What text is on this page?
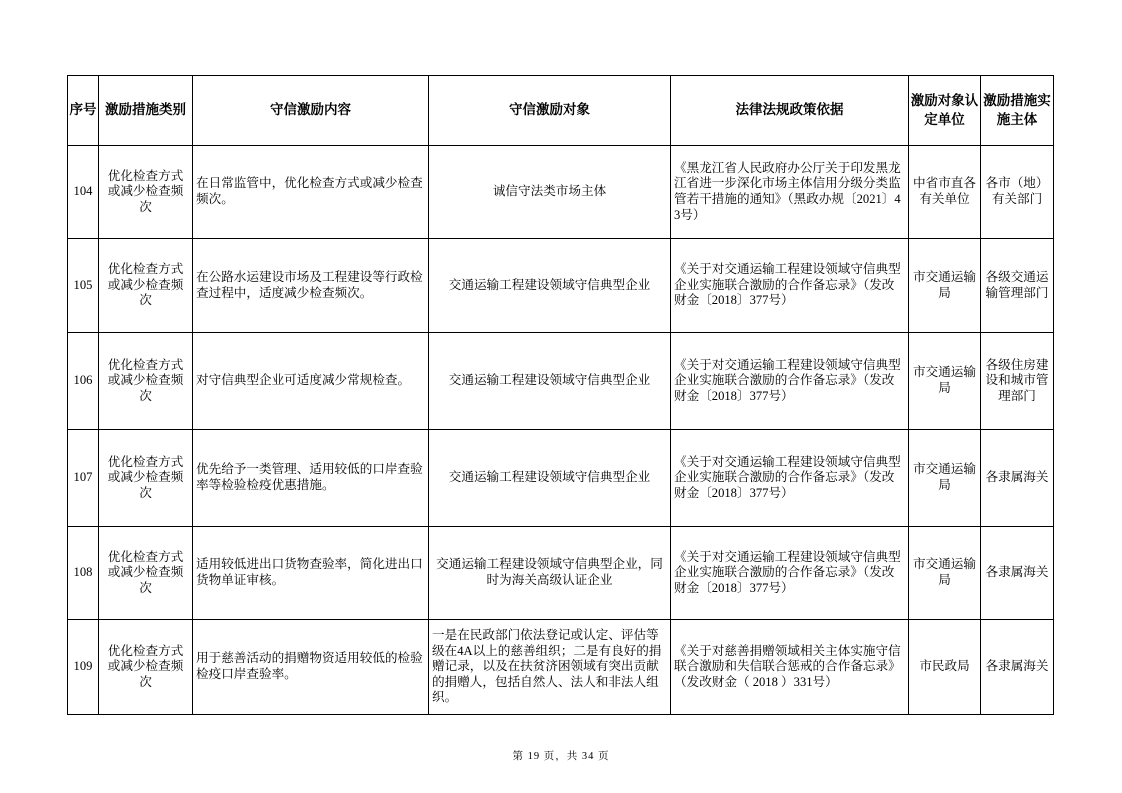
序号	激励措施类别	守信激励内容	守信激励对象	法律法规政策依据	激励对象认定单位	激励措施实施主体
104	优化检查方式或减少检查频次	在日常监管中，优化检查方式或减少检查频次。	诚信守法类市场主体	《黑龙江省人民政府办公厅关于印发黑龙江省进一步深化市场主体信用分级分类监管若干措施的通知》（黑政办规〔2021〕43号）	中省市直各有关单位	各市（地）有关部门
105	优化检查方式或减少检查频次	在公路水运建设市场及工程建设等行政检查过程中，适度减少检查频次。	交通运输工程建设领域守信典型企业	《关于对交通运输工程建设领域守信典型企业实施联合激励的合作备忘录》（发改财金〔2018〕377号）	市交通运输局	各级交通运输管理部门
106	优化检查方式或减少检查频次	对守信典型企业可适度减少常规检查。	交通运输工程建设领域守信典型企业	《关于对交通运输工程建设领域守信典型企业实施联合激励的合作备忘录》（发改财金〔2018〕377号）	市交通运输局	各级住房建设和城市管理部门
107	优化检查方式或减少检查频次	优先给予一类管理、适用较低的口岸查验率等检验检疫优惠措施。	交通运输工程建设领域守信典型企业	《关于对交通运输工程建设领域守信典型企业实施联合激励的合作备忘录》（发改财金〔2018〕377号）	市交通运输局	各隶属海关
108	优化检查方式或减少检查频次	适用较低进出口货物查验率，简化进出口货物单证审核。	交通运输工程建设领域守信典型企业，同时为海关高级认证企业	《关于对交通运输工程建设领域守信典型企业实施联合激励的合作备忘录》（发改财金〔2018〕377号）	市交通运输局	各隶属海关
109	优化检查方式或减少检查频次	用于慈善活动的捐赠物资适用较低的检验检疫口岸查验率。	一是在民政部门依法登记或认定、评估等级在4A以上的慈善组织；二是有良好的捐赠记录，以及在扶贫济困领域有突出贡献的捐赠人，包括自然人、法人和非法人组织。	《关于对慈善捐赠领域相关主体实施守信联合激励和失信联合惩戒的合作备忘录》（发改财金（ 2018 ）331号）	市民政局	各隶属海关
第 19 页，共 34 页
